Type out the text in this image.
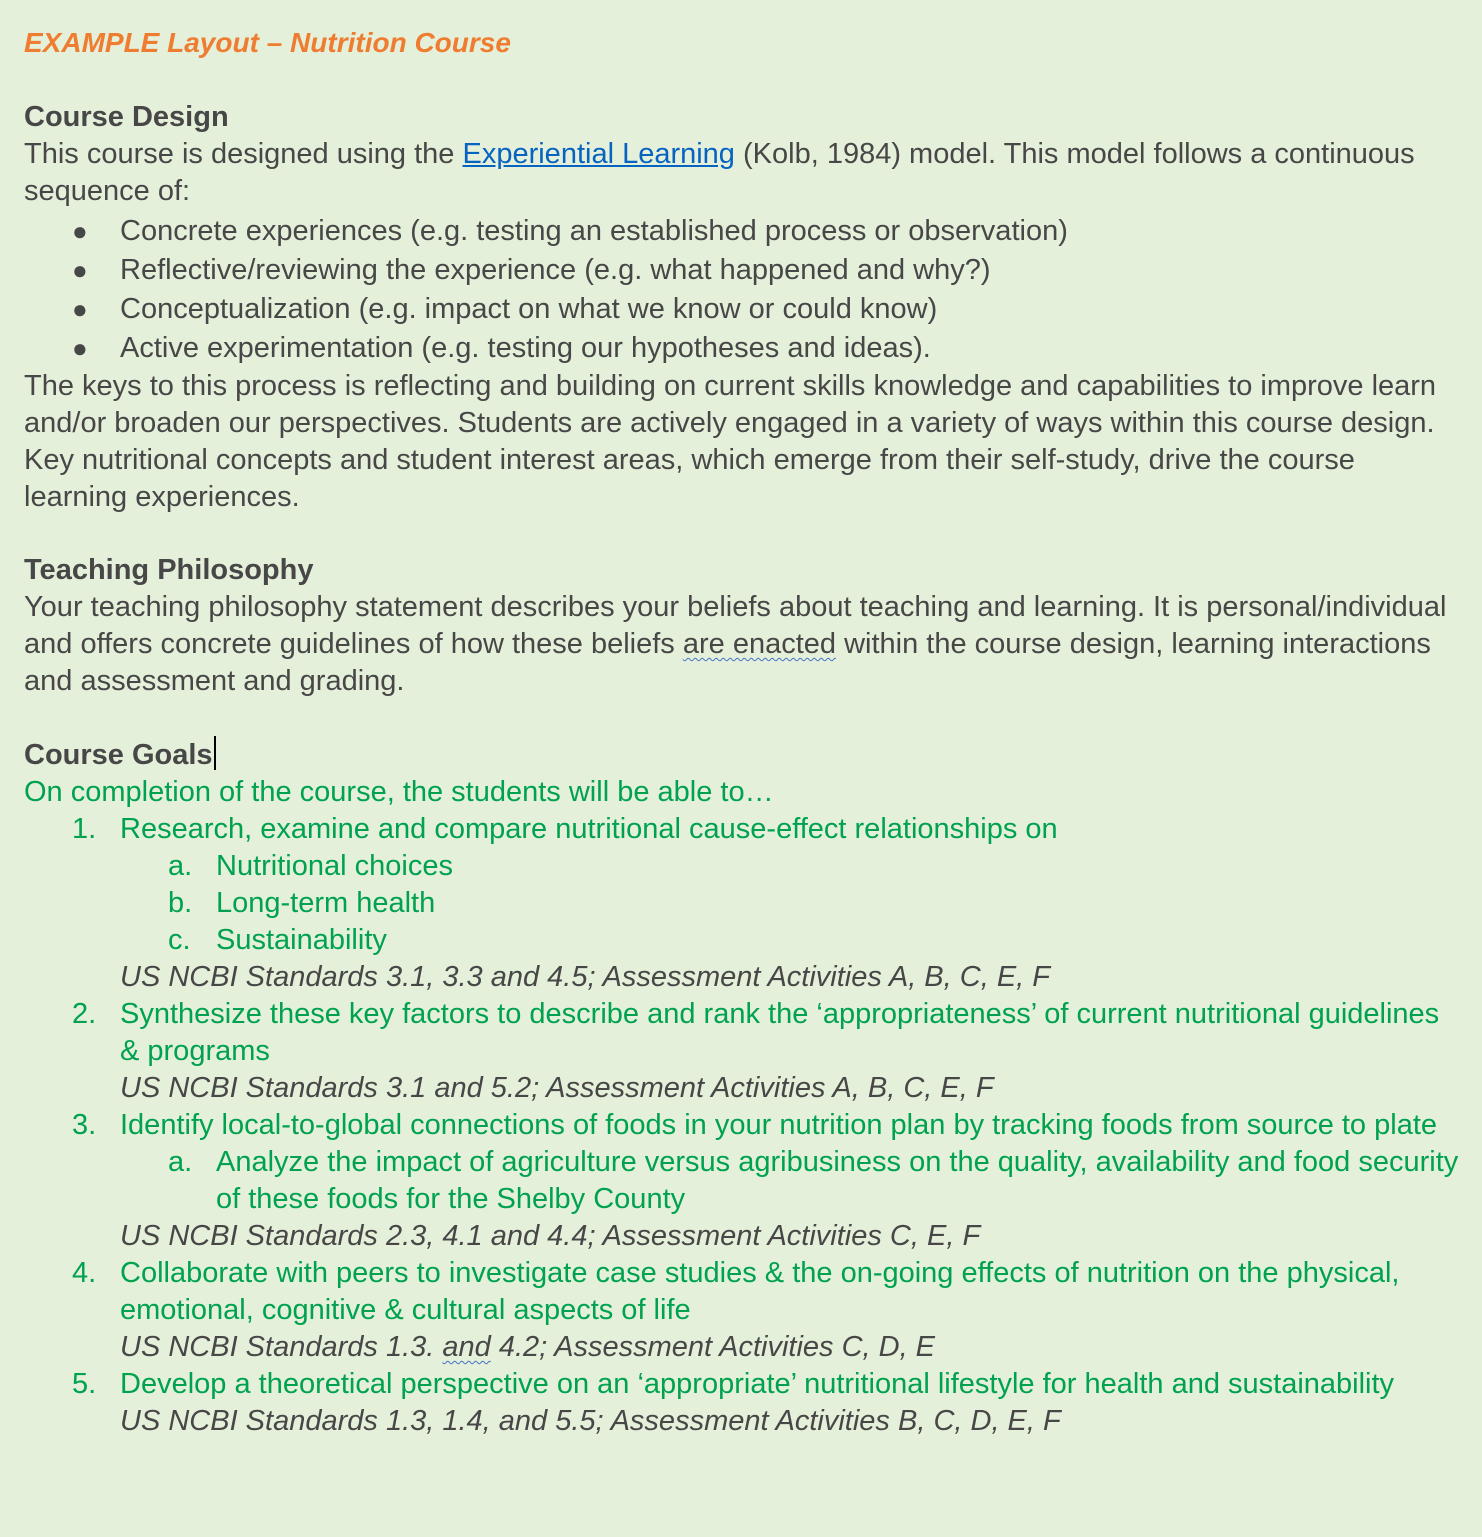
EXAMPLE Layout – Nutrition Course
Course Design

This course is designed using the Experiential Learning (Kolb, 1984) model. This model follows a continuous sequence of:

● Concrete experiences (e.g. testing an established process or observation)
● Reflective/reviewing the experience (e.g. what happened and why?)
● Conceptualization (e.g. impact on what we know or could know)
● Active experimentation (e.g. testing our hypotheses and ideas).

The keys to this process is reflecting and building on current skills knowledge and capabilities to improve learn and/or broaden our perspectives. Students are actively engaged in a variety of ways within this course design. Key nutritional concepts and student interest areas, which emerge from their self-study, drive the course learning experiences.

Teaching Philosophy

Your teaching philosophy statement describes your beliefs about teaching and learning. It is personal/individual and offers concrete guidelines of how these beliefs are enacted within the course design, learning interactions and assessment and grading.

Course Goals

On completion of the course, the students will be able to…

1. Research, examine and compare nutritional cause-effect relationships on
a. Nutritional choices
b. Long-term health
c. Sustainability
US NCBI Standards 3.1, 3.3 and 4.5; Assessment Activities A, B, C, E, F
2. Synthesize these key factors to describe and rank the ‘appropriateness’ of current nutritional guidelines & programs
US NCBI Standards 3.1 and 5.2; Assessment Activities A, B, C, E, F
3. Identify local-to-global connections of foods in your nutrition plan by tracking foods from source to plate
a. Analyze the impact of agriculture versus agribusiness on the quality, availability and food security of these foods for the Shelby County
US NCBI Standards 2.3, 4.1 and 4.4; Assessment Activities C, E, F
4. Collaborate with peers to investigate case studies & the on-going effects of nutrition on the physical, emotional, cognitive & cultural aspects of life
US NCBI Standards 1.3. and 4.2; Assessment Activities C, D, E
5. Develop a theoretical perspective on an ‘appropriate’ nutritional lifestyle for health and sustainability
US NCBI Standards 1.3, 1.4, and 5.5; Assessment Activities B, C, D, E, F
